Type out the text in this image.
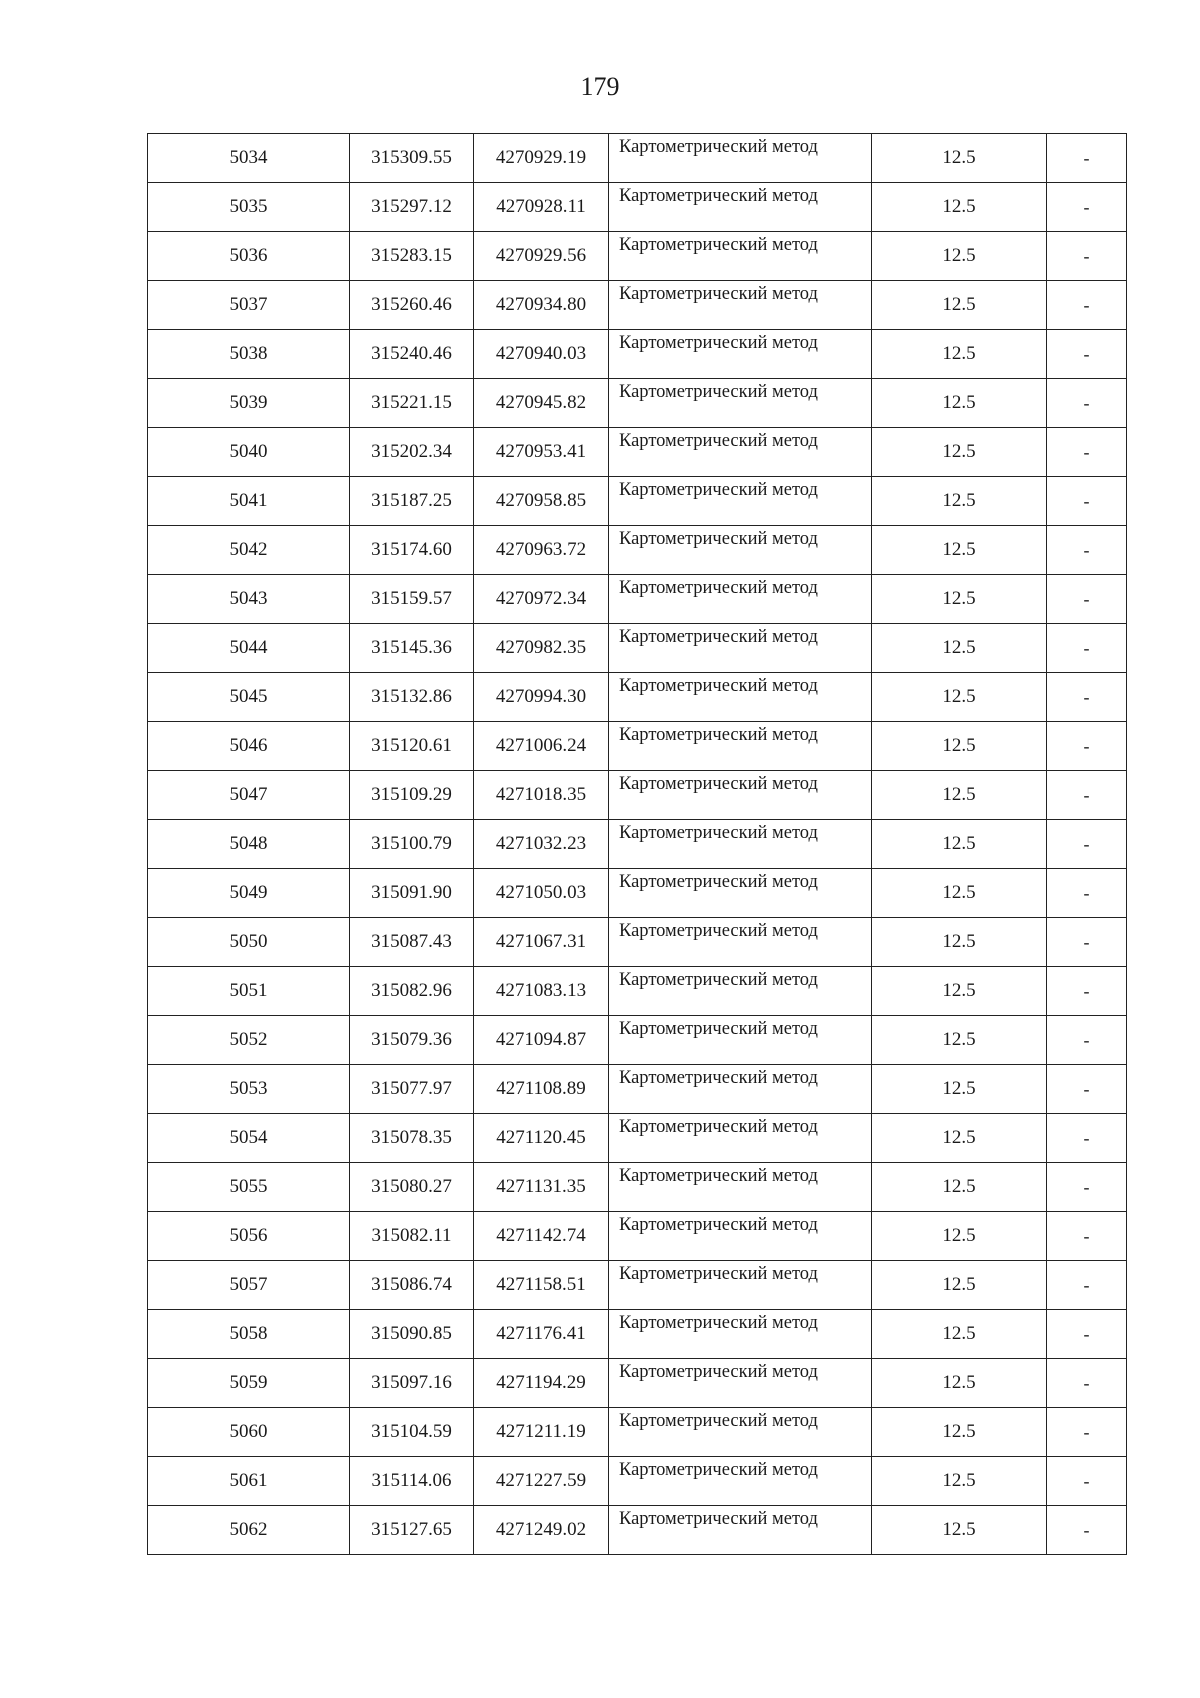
179
5034	315309.55	4270929.19	Картометрический метод	12.5	-
5035	315297.12	4270928.11	Картометрический метод	12.5	-
5036	315283.15	4270929.56	Картометрический метод	12.5	-
5037	315260.46	4270934.80	Картометрический метод	12.5	-
5038	315240.46	4270940.03	Картометрический метод	12.5	-
5039	315221.15	4270945.82	Картометрический метод	12.5	-
5040	315202.34	4270953.41	Картометрический метод	12.5	-
5041	315187.25	4270958.85	Картометрический метод	12.5	-
5042	315174.60	4270963.72	Картометрический метод	12.5	-
5043	315159.57	4270972.34	Картометрический метод	12.5	-
5044	315145.36	4270982.35	Картометрический метод	12.5	-
5045	315132.86	4270994.30	Картометрический метод	12.5	-
5046	315120.61	4271006.24	Картометрический метод	12.5	-
5047	315109.29	4271018.35	Картометрический метод	12.5	-
5048	315100.79	4271032.23	Картометрический метод	12.5	-
5049	315091.90	4271050.03	Картометрический метод	12.5	-
5050	315087.43	4271067.31	Картометрический метод	12.5	-
5051	315082.96	4271083.13	Картометрический метод	12.5	-
5052	315079.36	4271094.87	Картометрический метод	12.5	-
5053	315077.97	4271108.89	Картометрический метод	12.5	-
5054	315078.35	4271120.45	Картометрический метод	12.5	-
5055	315080.27	4271131.35	Картометрический метод	12.5	-
5056	315082.11	4271142.74	Картометрический метод	12.5	-
5057	315086.74	4271158.51	Картометрический метод	12.5	-
5058	315090.85	4271176.41	Картометрический метод	12.5	-
5059	315097.16	4271194.29	Картометрический метод	12.5	-
5060	315104.59	4271211.19	Картометрический метод	12.5	-
5061	315114.06	4271227.59	Картометрический метод	12.5	-
5062	315127.65	4271249.02	Картометрический метод	12.5	-
